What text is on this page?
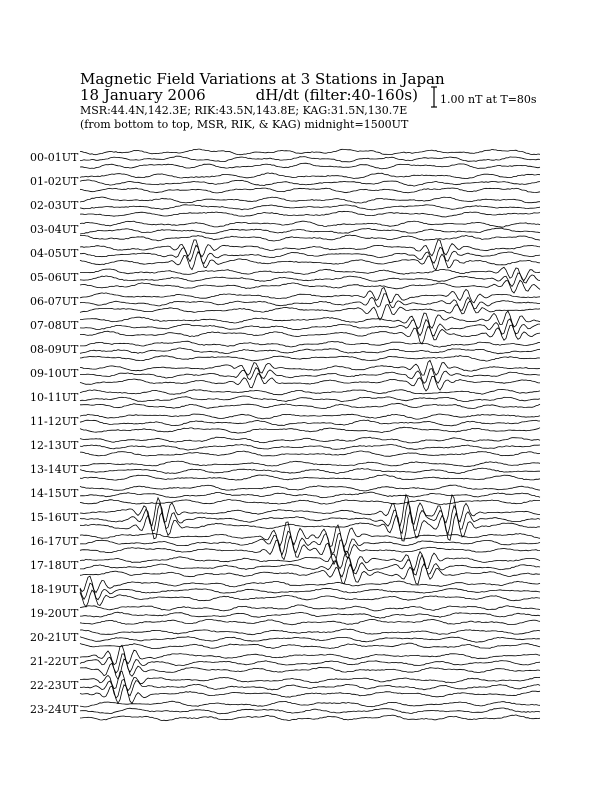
Magnetic Field Variations at 3 Stations in Japan
18 January 2006	dH/dt (filter:40-160s)
MSR:44.4N,142.3E; RIK:43.5N,143.8E; KAG:31.5N,130.7E
(from bottom to top, MSR, RIK, & KAG) midnight=1500UT
1.00 nT at T=80s
00-01UT
01-02UT
02-03UT
03-04UT
04-05UT
05-06UT
06-07UT
07-08UT
08-09UT
09-10UT
10-11UT
11-12UT
12-13UT
13-14UT
14-15UT
15-16UT
16-17UT
17-18UT
18-19UT
19-20UT
20-21UT
21-22UT
22-23UT
23-24UT
